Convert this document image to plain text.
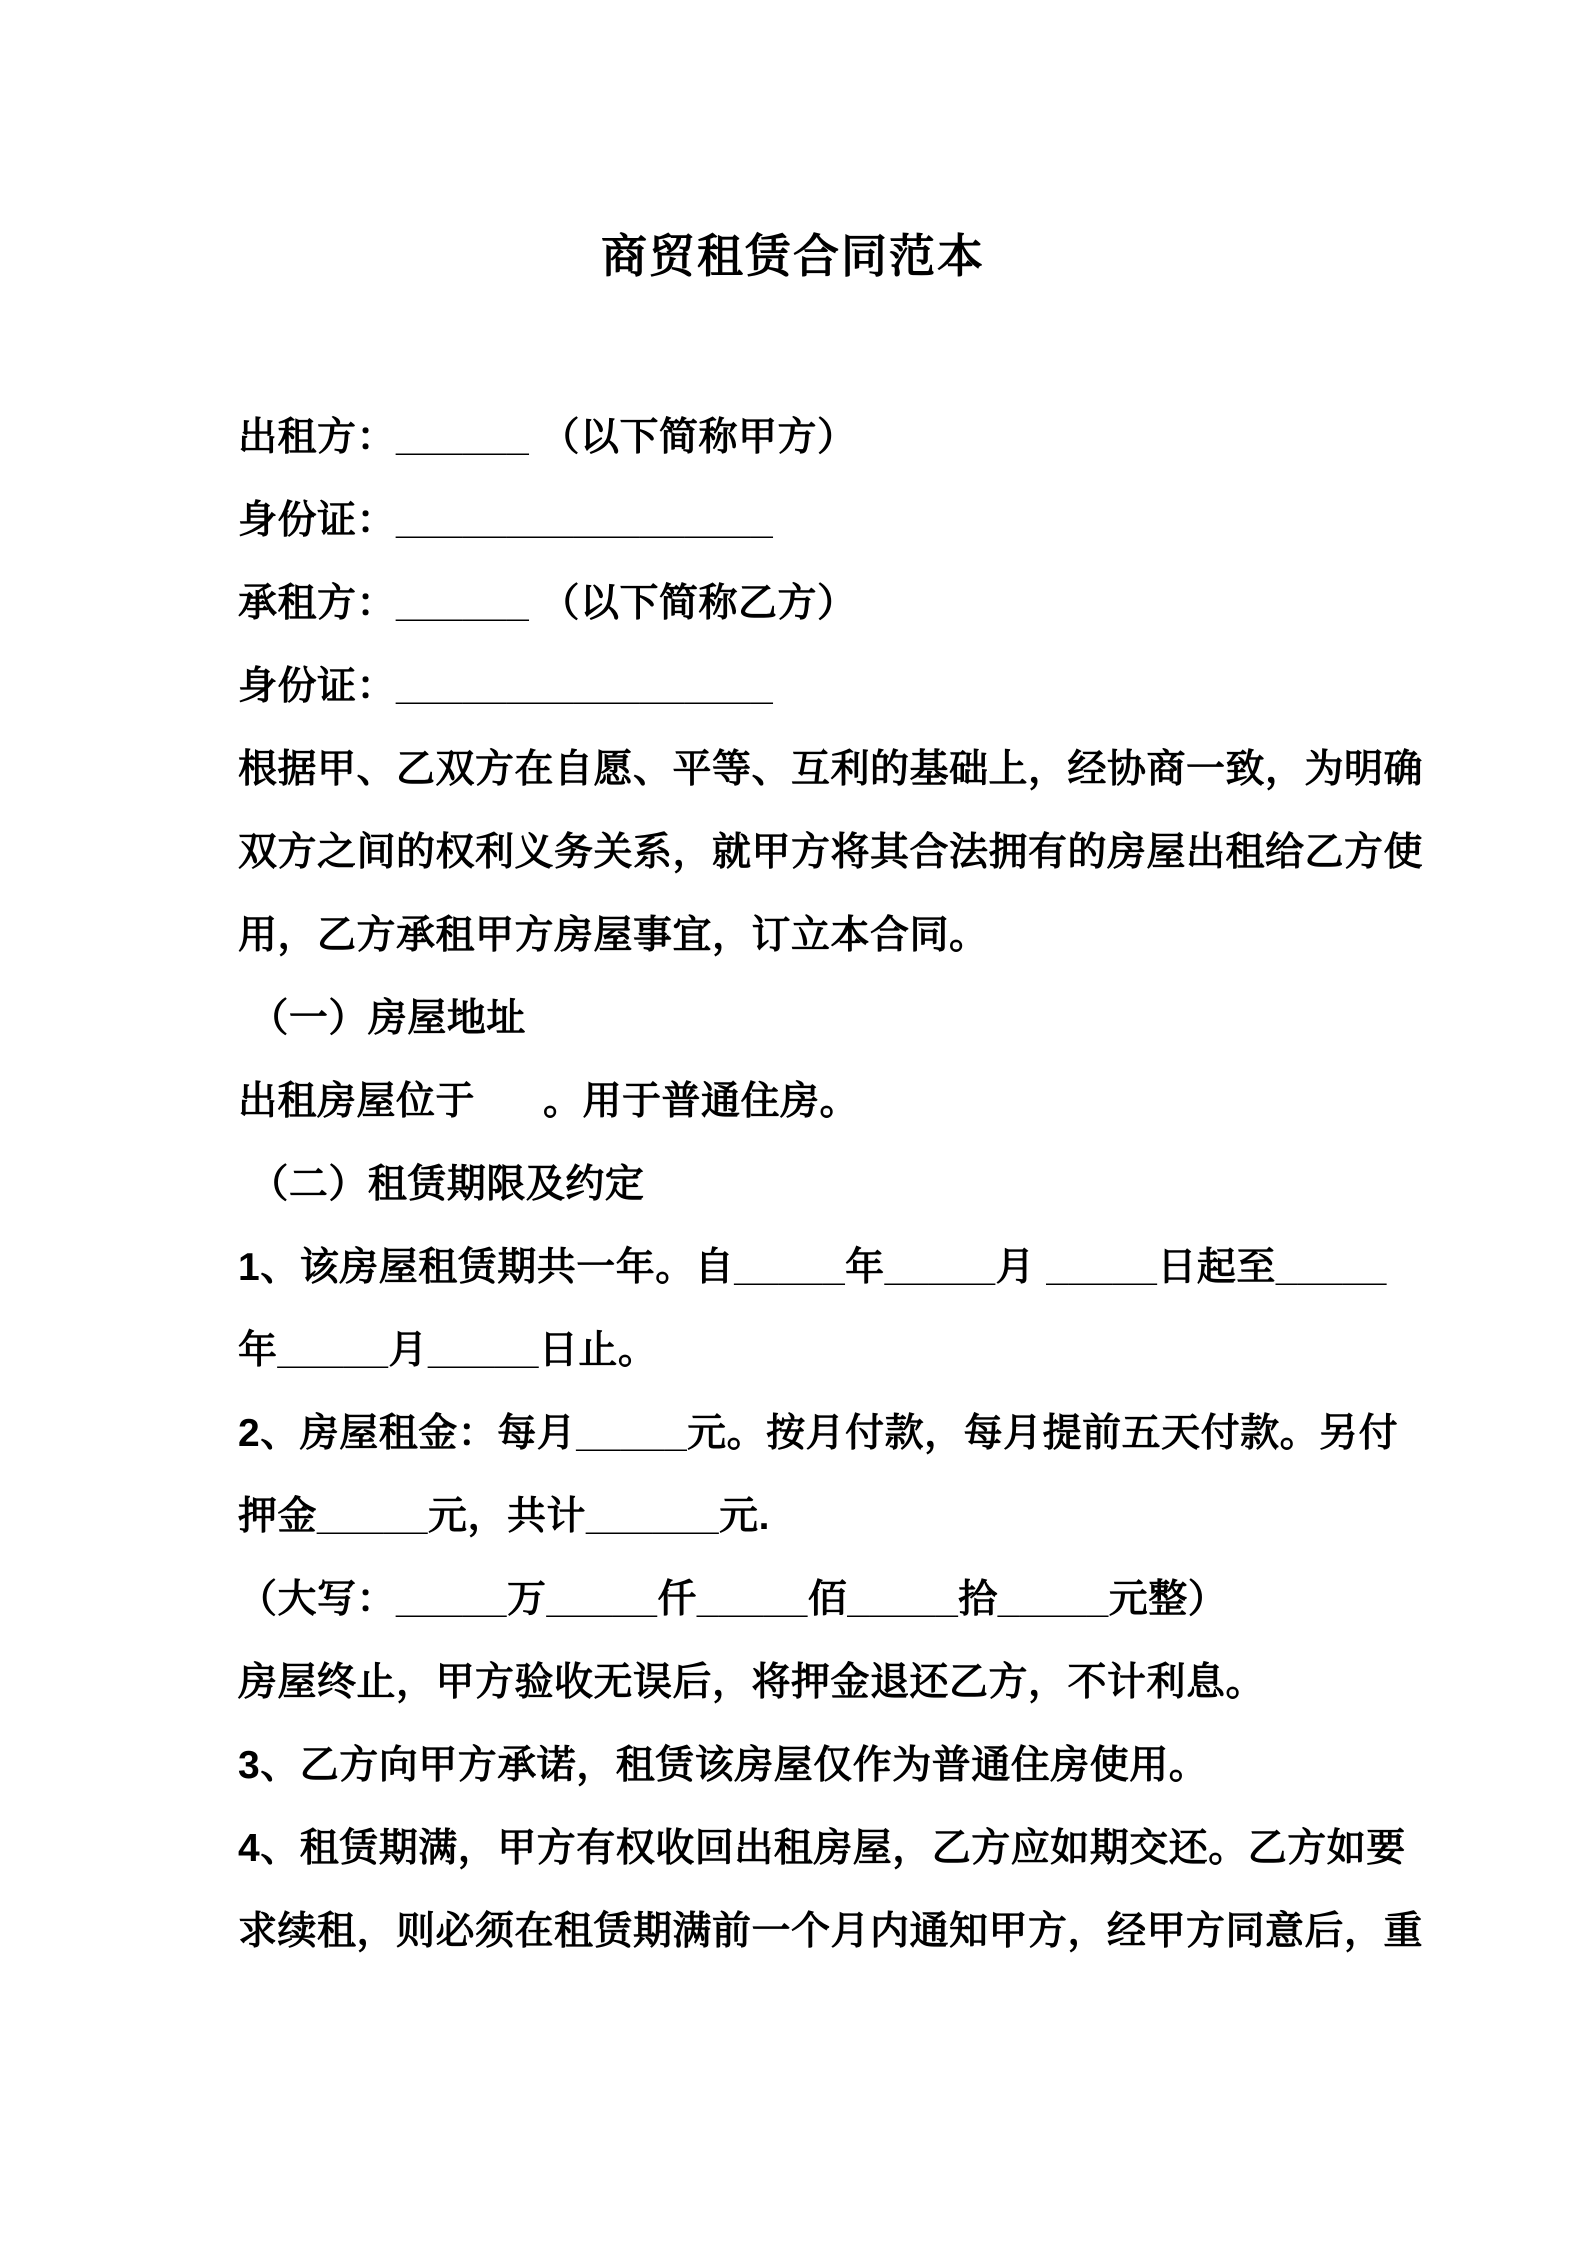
商贸租赁合同范本
出租方：______ （以下简称甲方）
身份证：_________________
承租方：______ （以下简称乙方）
身份证：_________________
根据甲、乙双方在自愿、平等、互利的基础上，经协商一致，为明确
双方之间的权利义务关系，就甲方将其合法拥有的房屋出租给乙方使
用，乙方承租甲方房屋事宜，订立本合同。
（一）房屋地址
出租房屋位于      。用于普通住房。
（二）租赁期限及约定
1、该房屋租赁期共一年。自_____年_____月 _____日起至_____
年_____月_____日止。
2、房屋租金：每月_____元。按月付款，每月提前五天付款。另付
押金_____元，共计______元.
（大写：_____万_____仟_____佰_____拾_____元整）
房屋终止，甲方验收无误后，将押金退还乙方，不计利息。
3、乙方向甲方承诺，租赁该房屋仅作为普通住房使用。
4、租赁期满，甲方有权收回出租房屋，乙方应如期交还。乙方如要
求续租，则必须在租赁期满前一个月内通知甲方，经甲方同意后，重
